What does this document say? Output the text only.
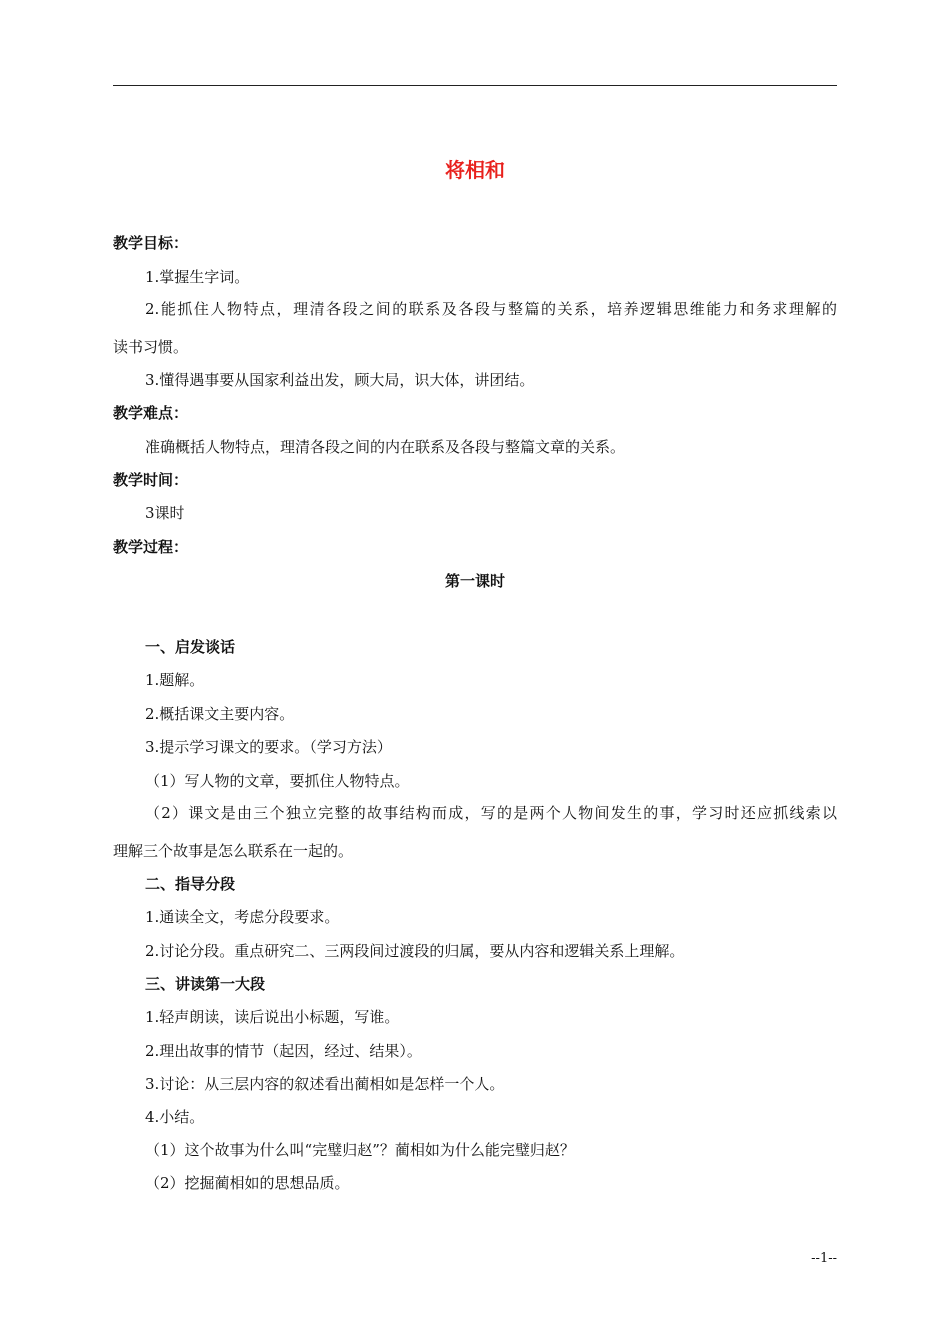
将相和
教学目标：
1.掌握生字词。
2.能抓住人物特点，理清各段之间的联系及各段与整篇的关系，培养逻辑思维能力和务求理解的
读书习惯。
3.懂得遇事要从国家利益出发，顾大局，识大体，讲团结。
教学难点：
准确概括人物特点，理清各段之间的内在联系及各段与整篇文章的关系。
教学时间：
3课时
教学过程：
第一课时
一、启发谈话
1.题解。
2.概括课文主要内容。
3.提示学习课文的要求。（学习方法）
（1）写人物的文章，要抓住人物特点。
（2）课文是由三个独立完整的故事结构而成，写的是两个人物间发生的事，学习时还应抓线索以
理解三个故事是怎么联系在一起的。
二、指导分段
1.通读全文，考虑分段要求。
2.讨论分段。重点研究二、三两段间过渡段的归属，要从内容和逻辑关系上理解。
三、讲读第一大段
1.轻声朗读，读后说出小标题，写谁。
2.理出故事的情节（起因，经过、结果）。
3.讨论：从三层内容的叙述看出蔺相如是怎样一个人。
4.小结。
（1）这个故事为什么叫“完璧归赵”？蔺相如为什么能完璧归赵？
（2）挖掘蔺相如的思想品质。
--1--
